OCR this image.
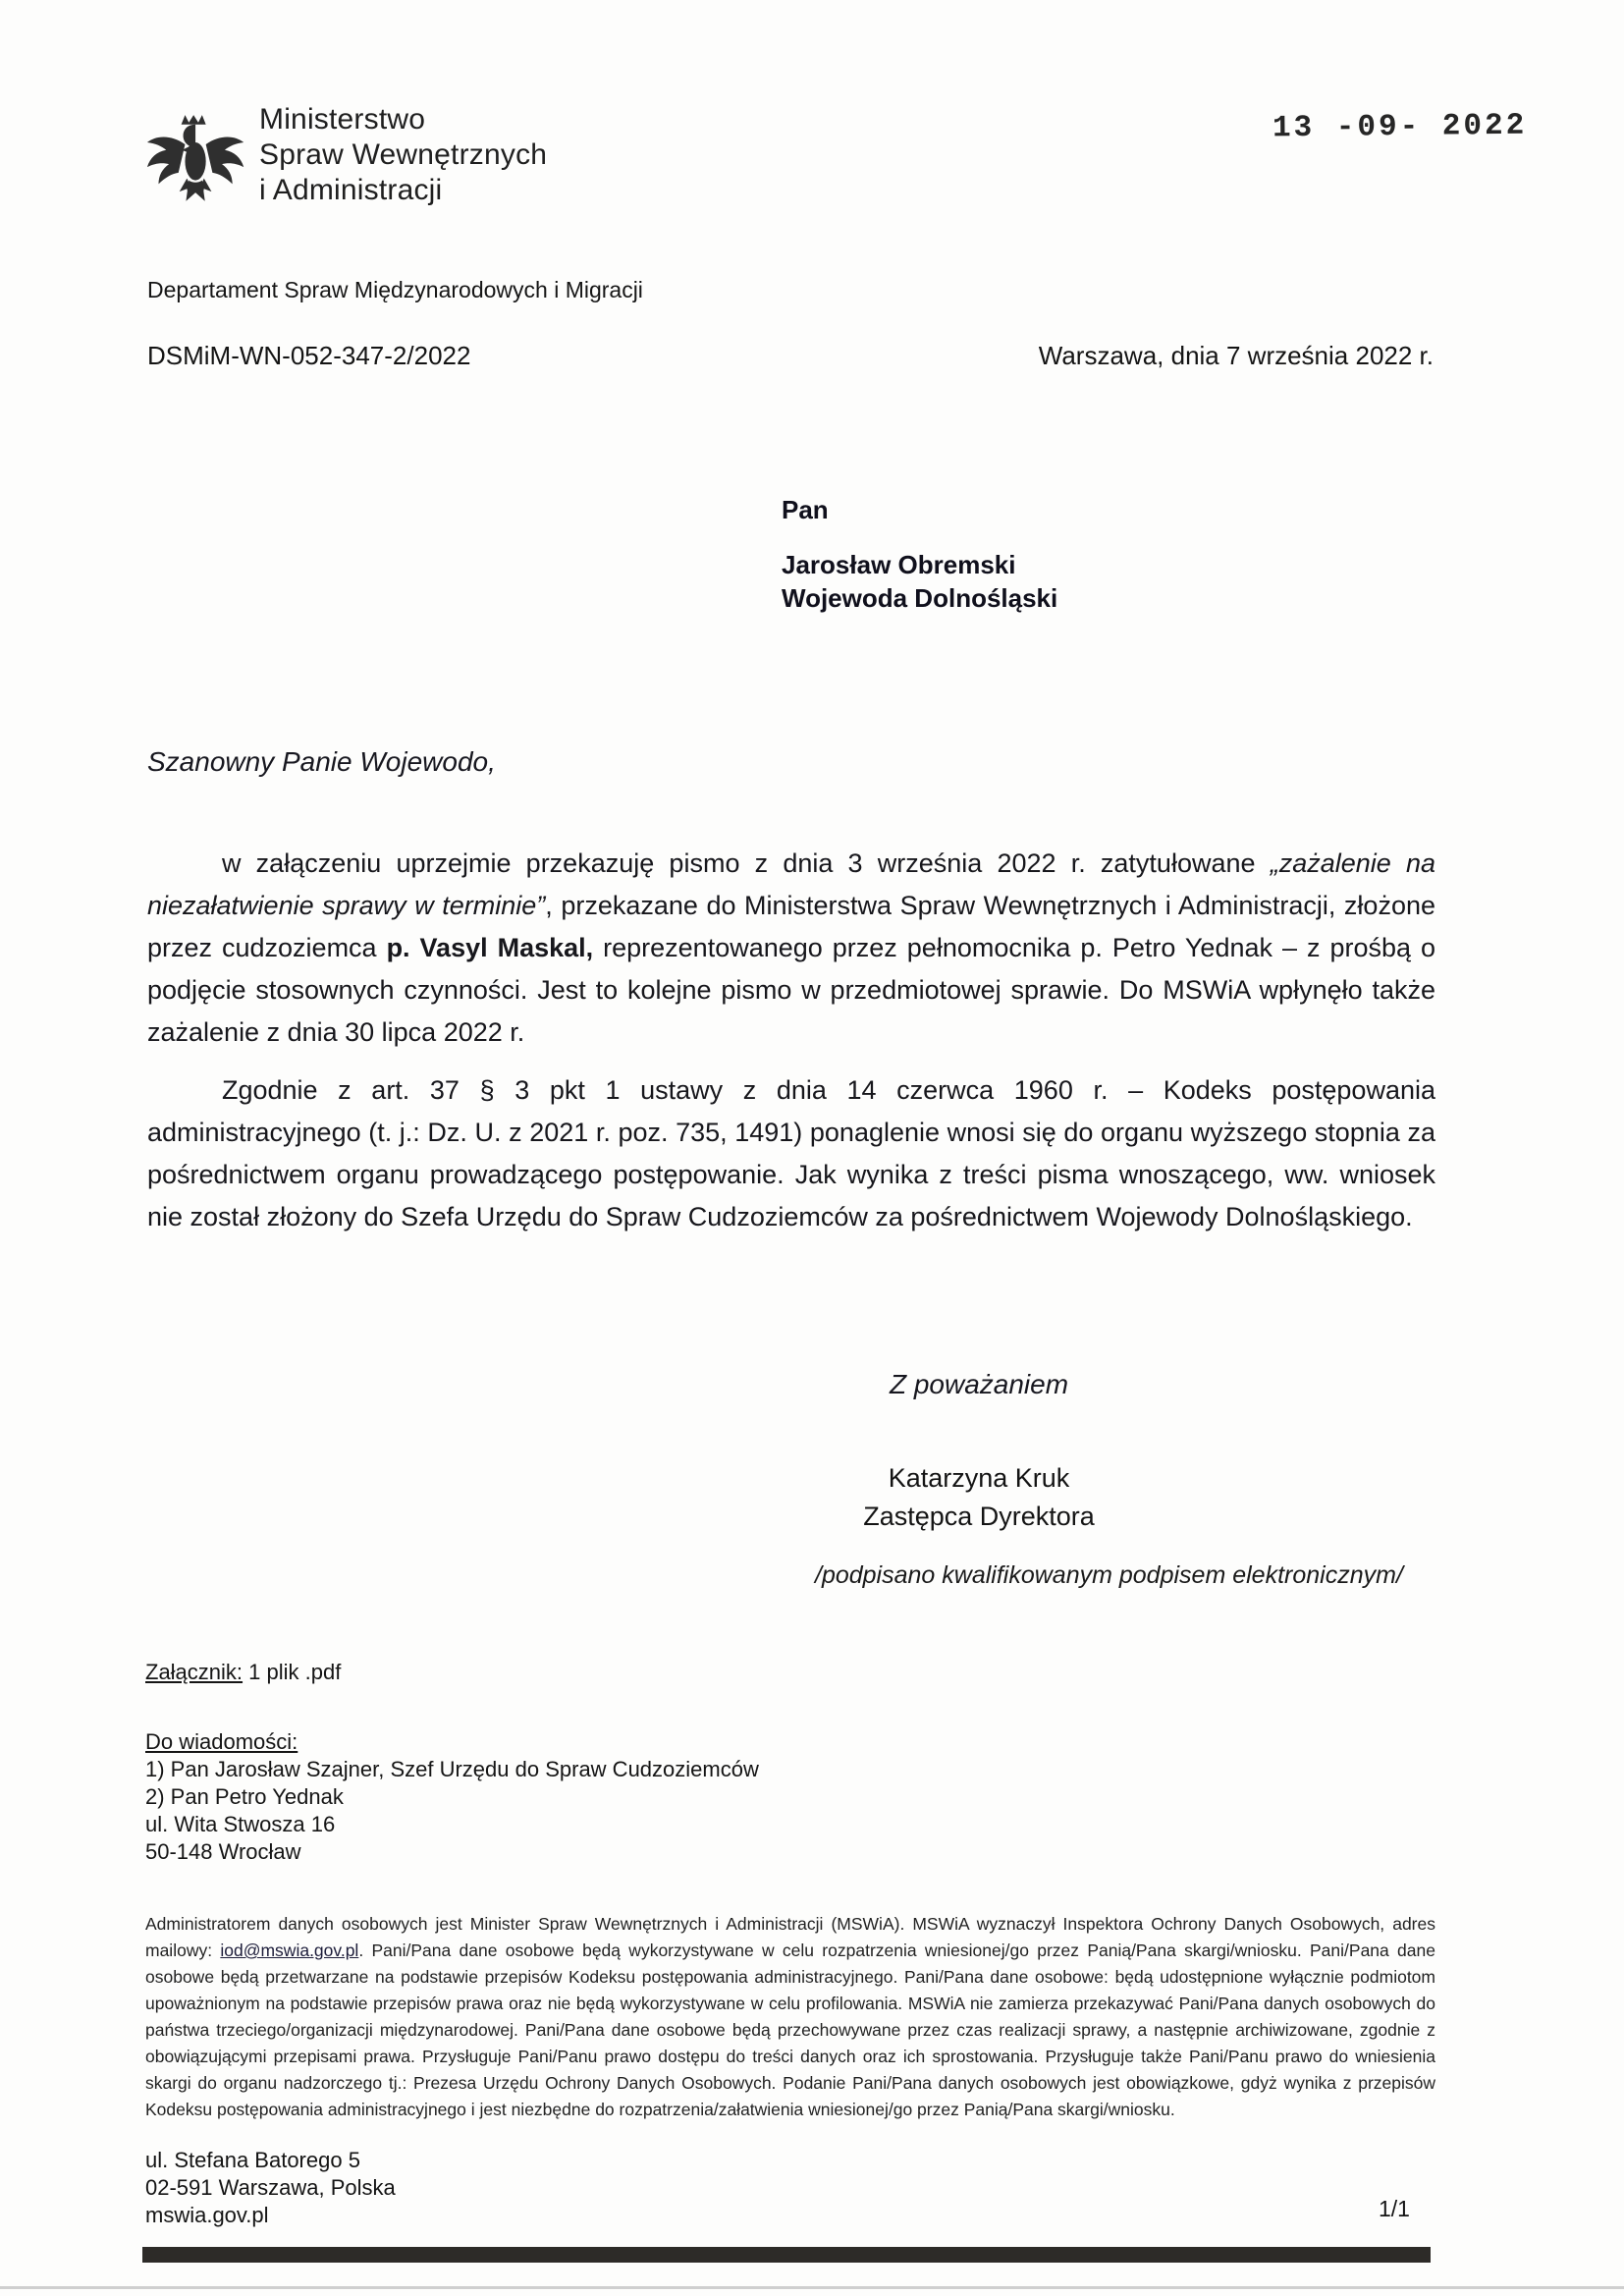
Ministerstwo
Spraw Wewnętrznych
i Administracji
13 -09- 2022
Departament Spraw Międzynarodowych i Migracji
DSMiM-WN-052-347-2/2022	Warszawa, dnia 7 września 2022 r.
Pan
Jarosław Obremski
Wojewoda Dolnośląski
Szanowny Panie Wojewodo,

w załączeniu uprzejmie przekazuję pismo z dnia 3 września 2022 r. zatytułowane „zażalenie na niezałatwienie sprawy w terminie”, przekazane do Ministerstwa Spraw Wewnętrznych i Administracji, złożone przez cudzoziemca p. Vasyl Maskal, reprezentowanego przez pełnomocnika p. Petro Yednak – z prośbą o podjęcie stosownych czynności. Jest to kolejne pismo w przedmiotowej sprawie. Do MSWiA wpłynęło także zażalenie z dnia 30 lipca 2022 r.

Zgodnie z art. 37 § 3 pkt 1 ustawy z dnia 14 czerwca 1960 r. – Kodeks postępowania administracyjnego (t. j.: Dz. U. z 2021 r. poz. 735, 1491) ponaglenie wnosi się do organu wyższego stopnia za pośrednictwem organu prowadzącego postępowanie. Jak wynika z treści pisma wnoszącego, ww. wniosek nie został złożony do Szefa Urzędu do Spraw Cudzoziemców za pośrednictwem Wojewody Dolnośląskiego.

Z poważaniem
Katarzyna Kruk
Zastępca Dyrektora
/podpisano kwalifikowanym podpisem elektronicznym/
Załącznik: 1 plik .pdf
Do wiadomości:
1) Pan Jarosław Szajner, Szef Urzędu do Spraw Cudzoziemców
2) Pan Petro Yednak
ul. Wita Stwosza 16
50-148 Wrocław
Administratorem danych osobowych jest Minister Spraw Wewnętrznych i Administracji (MSWiA). MSWiA wyznaczył Inspektora Ochrony Danych Osobowych, adres mailowy: iod@mswia.gov.pl. Pani/Pana dane osobowe będą wykorzystywane w celu rozpatrzenia wniesionej/go przez Panią/Pana skargi/wniosku. Pani/Pana dane osobowe będą przetwarzane na podstawie przepisów Kodeksu postępowania administracyjnego. Pani/Pana dane osobowe: będą udostępnione wyłącznie podmiotom upoważnionym na podstawie przepisów prawa oraz nie będą wykorzystywane w celu profilowania. MSWiA nie zamierza przekazywać Pani/Pana danych osobowych do państwa trzeciego/organizacji międzynarodowej. Pani/Pana dane osobowe będą przechowywane przez czas realizacji sprawy, a następnie archiwizowane, zgodnie z obowiązującymi przepisami prawa. Przysługuje Pani/Panu prawo dostępu do treści danych oraz ich sprostowania. Przysługuje także Pani/Panu prawo do wniesienia skargi do organu nadzorczego tj.: Prezesa Urzędu Ochrony Danych Osobowych. Podanie Pani/Pana danych osobowych jest obowiązkowe, gdyż wynika z przepisów Kodeksu postępowania administracyjnego i jest niezbędne do rozpatrzenia/załatwienia wniesionej/go przez Panią/Pana skargi/wniosku.
ul. Stefana Batorego 5
02-591 Warszawa, Polska
mswia.gov.pl	1/1
